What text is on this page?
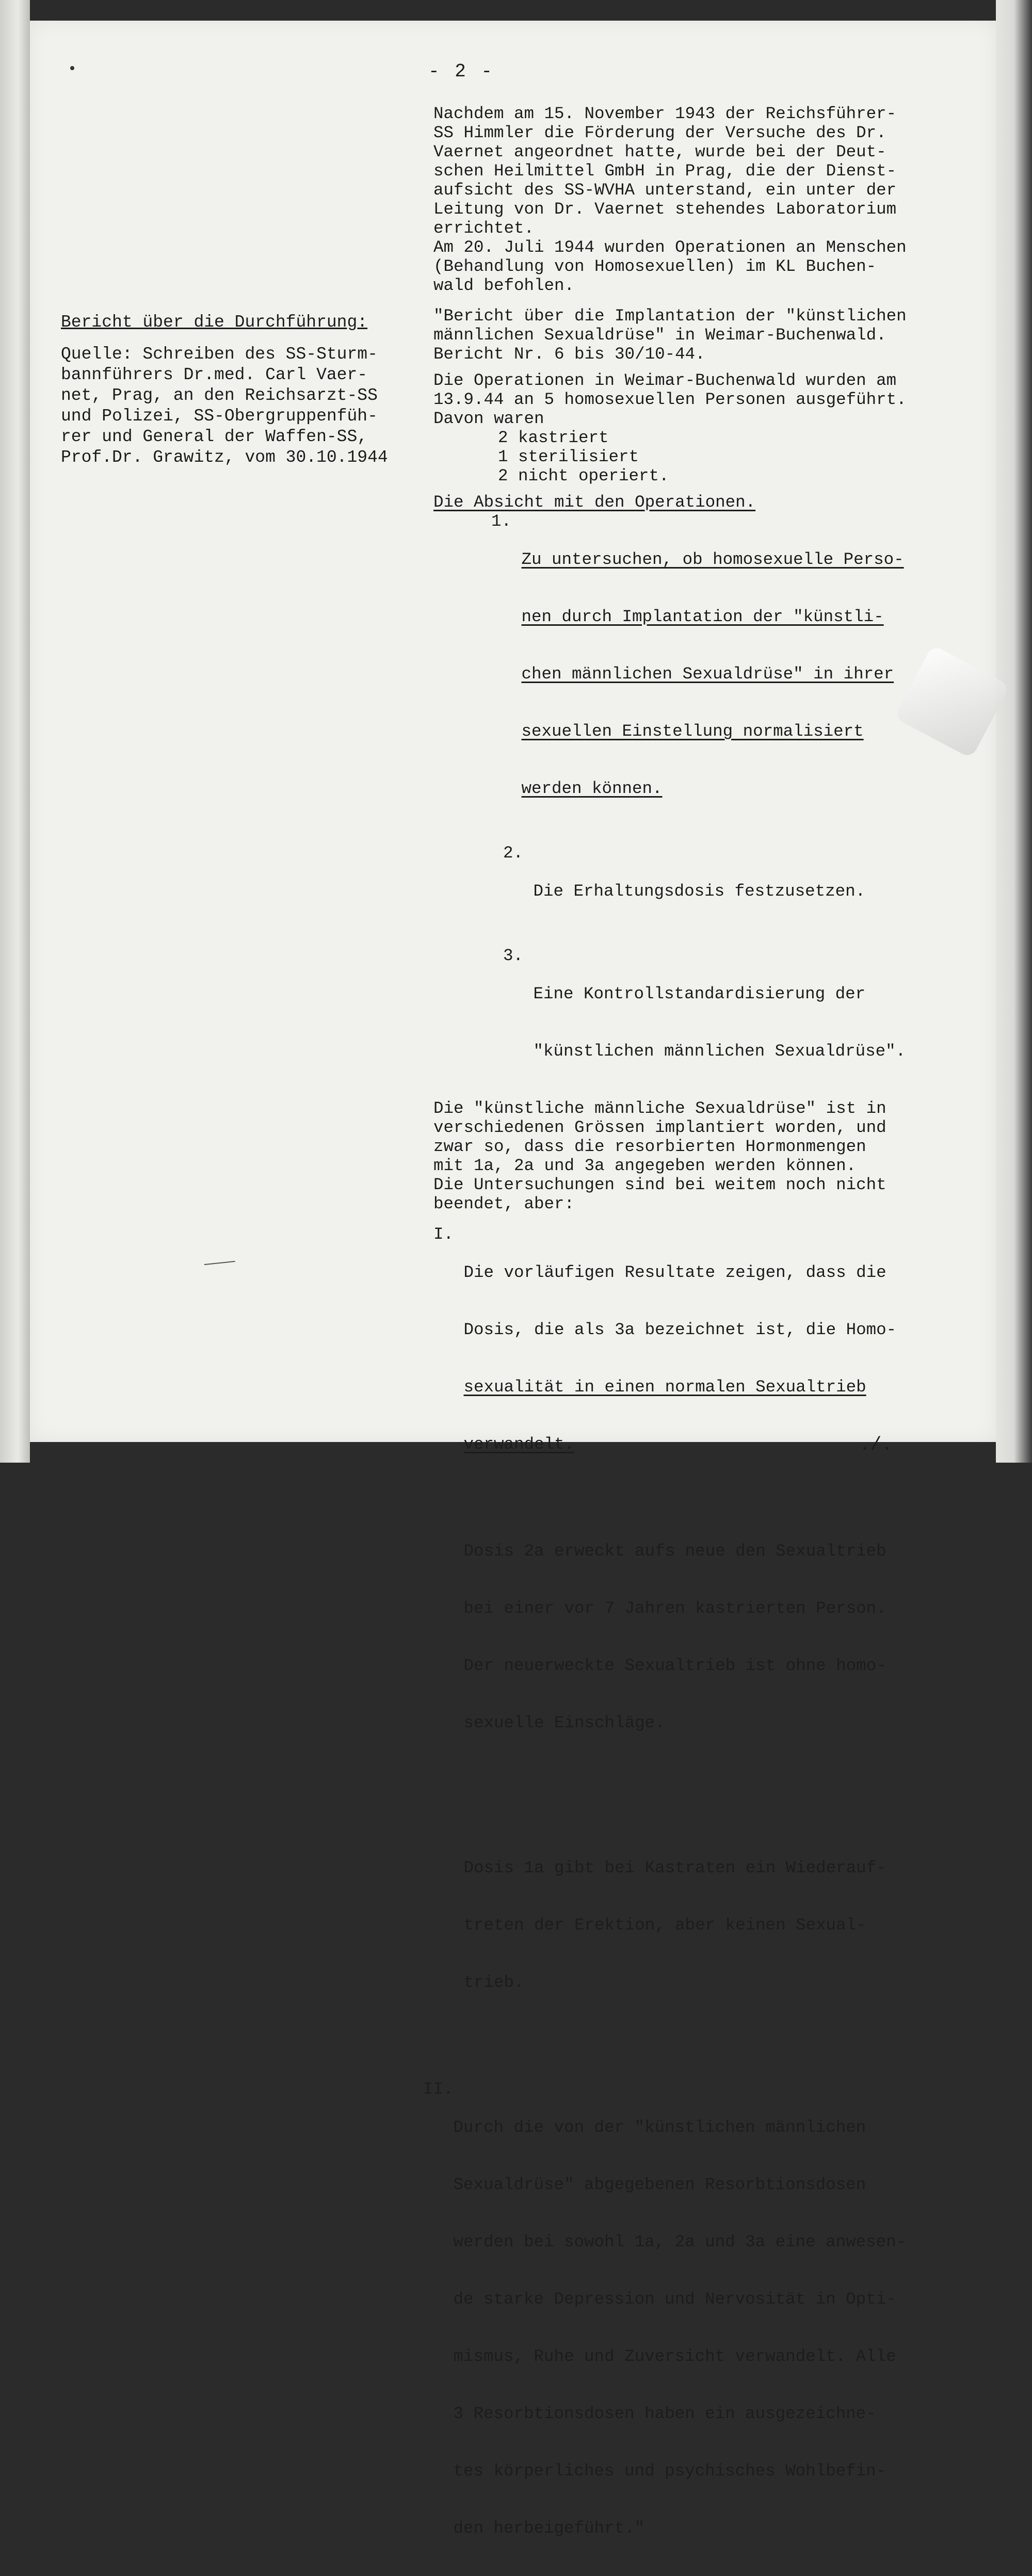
- 2 -
Bericht über die Durchführung:
Quelle: Schreiben des SS-Sturm-
bannführers Dr.med. Carl Vaer-
net, Prag, an den Reichsarzt-SS
und Polizei, SS-Obergruppenfüh-
rer und General der Waffen-SS,
Prof.Dr. Grawitz, vom 30.10.1944
Nachdem am 15. November 1943 der Reichsführer-
SS Himmler die Förderung der Versuche des Dr.
Vaernet angeordnet hatte, wurde bei der Deut-
schen Heilmittel GmbH in Prag, die der Dienst-
aufsicht des SS-WVHA unterstand, ein unter der
Leitung von Dr. Vaernet stehendes Laboratorium
errichtet.
Am 20. Juli 1944 wurden Operationen an Menschen
(Behandlung von Homosexuellen) im KL Buchen-
wald befohlen.
"Bericht über die Implantation der "künstlichen
männlichen Sexualdrüse" in Weimar-Buchenwald.
Bericht Nr. 6 bis 30/10-44.
Die Operationen in Weimar-Buchenwald wurden am
13.9.44 an 5 homosexuellen Personen ausgeführt.
Davon waren
2 kastriert
1 sterilisiert
2 nicht operiert.
Die Absicht mit den Operationen.
1.

Zu untersuchen, ob homosexuelle Perso-

nen durch Implantation der "künstli-

chen männlichen Sexualdrüse" in ihrer

sexuellen Einstellung normalisiert

werden können.

2.

Die Erhaltungsdosis festzusetzen.

3.

Eine Kontrollstandardisierung der

"künstlichen männlichen Sexualdrüse".

Die "künstliche männliche Sexualdrüse" ist in
verschiedenen Grössen implantiert worden, und
zwar so, dass die resorbierten Hormonmengen
mit 1a, 2a und 3a angegeben werden können.
Die Untersuchungen sind bei weitem noch nicht
beendet, aber:
I.

Die vorläufigen Resultate zeigen, dass die

Dosis, die als 3a bezeichnet ist, die Homo-

sexualität in einen normalen Sexualtrieb

verwandelt.

Dosis 2a erweckt aufs neue den Sexualtrieb

bei einer vor 7 Jahren kastrierten Person.

Der neuerweckte Sexualtrieb ist ohne homo-

sexuelle Einschläge.

Dosis 1a gibt bei Kastraten ein Wiederauf-

treten der Erektion, aber keinen Sexual-

trieb.

II.

Durch die von der "künstlichen männlichen

Sexualdrüse" abgegebenen Resorbtionsdosen

werden bei sowohl 1a, 2a und 3a eine anwesen-

de starke Depression und Nervosität in Opti-

mismus, Ruhe und Zuversicht verwandelt. Alle

3 Resorbtionsdosen haben ein ausgezeichne-

tes körperliches und psychisches Wohlbefin-

den herbeigeführt."

./.
